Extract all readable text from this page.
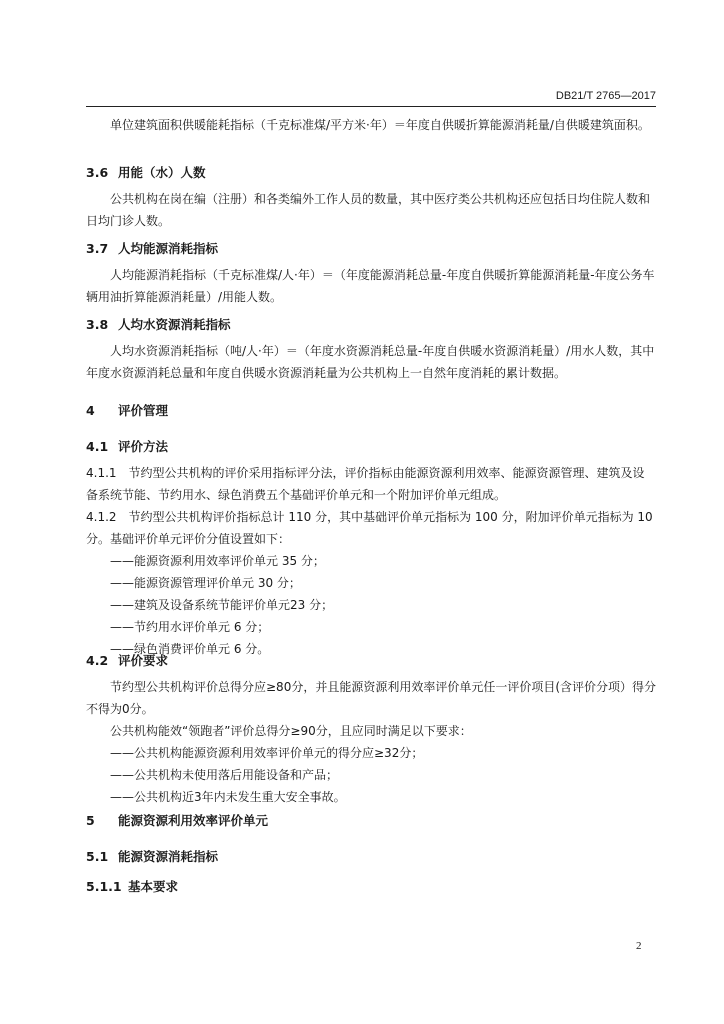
DB21/T 2765—2017
单位建筑面积供暖能耗指标（千克标准煤/平方米·年）＝年度自供暖折算能源消耗量/自供暖建筑面积。
3.6 用能（水）人数
公共机构在岗在编（注册）和各类编外工作人员的数量，其中医疗类公共机构还应包括日均住院人数和日均门诊人数。
3.7 人均能源消耗指标
人均能源消耗指标（千克标准煤/人·年）＝（年度能源消耗总量-年度自供暖折算能源消耗量-年度公务车辆用油折算能源消耗量）/用能人数。
3.8 人均水资源消耗指标
人均水资源消耗指标（吨/人·年）＝（年度水资源消耗总量-年度自供暖水资源消耗量）/用水人数，其中年度水资源消耗总量和年度自供暖水资源消耗量为公共机构上一自然年度消耗的累计数据。
4 评价管理
4.1 评价方法
4.1.1　节约型公共机构的评价采用指标评分法，评价指标由能源资源利用效率、能源资源管理、建筑及设备系统节能、节约用水、绿色消费五个基础评价单元和一个附加评价单元组成。
4.1.2　节约型公共机构评价指标总计 110 分，其中基础评价单元指标为 100 分，附加评价单元指标为 10 分。基础评价单元评价分值设置如下：
——能源资源利用效率评价单元 35 分；
——能源资源管理评价单元 30 分；
——建筑及设备系统节能评价单元23 分；
——节约用水评价单元 6 分；
——绿色消费评价单元 6 分。
4.2 评价要求
节约型公共机构评价总得分应≥80分，并且能源资源利用效率评价单元任一评价项目(含评价分项）得分不得为0分。
公共机构能效“领跑者”评价总得分≥90分，且应同时满足以下要求：
——公共机构能源资源利用效率评价单元的得分应≥32分；
——公共机构未使用落后用能设备和产品；
——公共机构近3年内未发生重大安全事故。
5 能源资源利用效率评价单元
5.1 能源资源消耗指标
5.1.1 基本要求
2
